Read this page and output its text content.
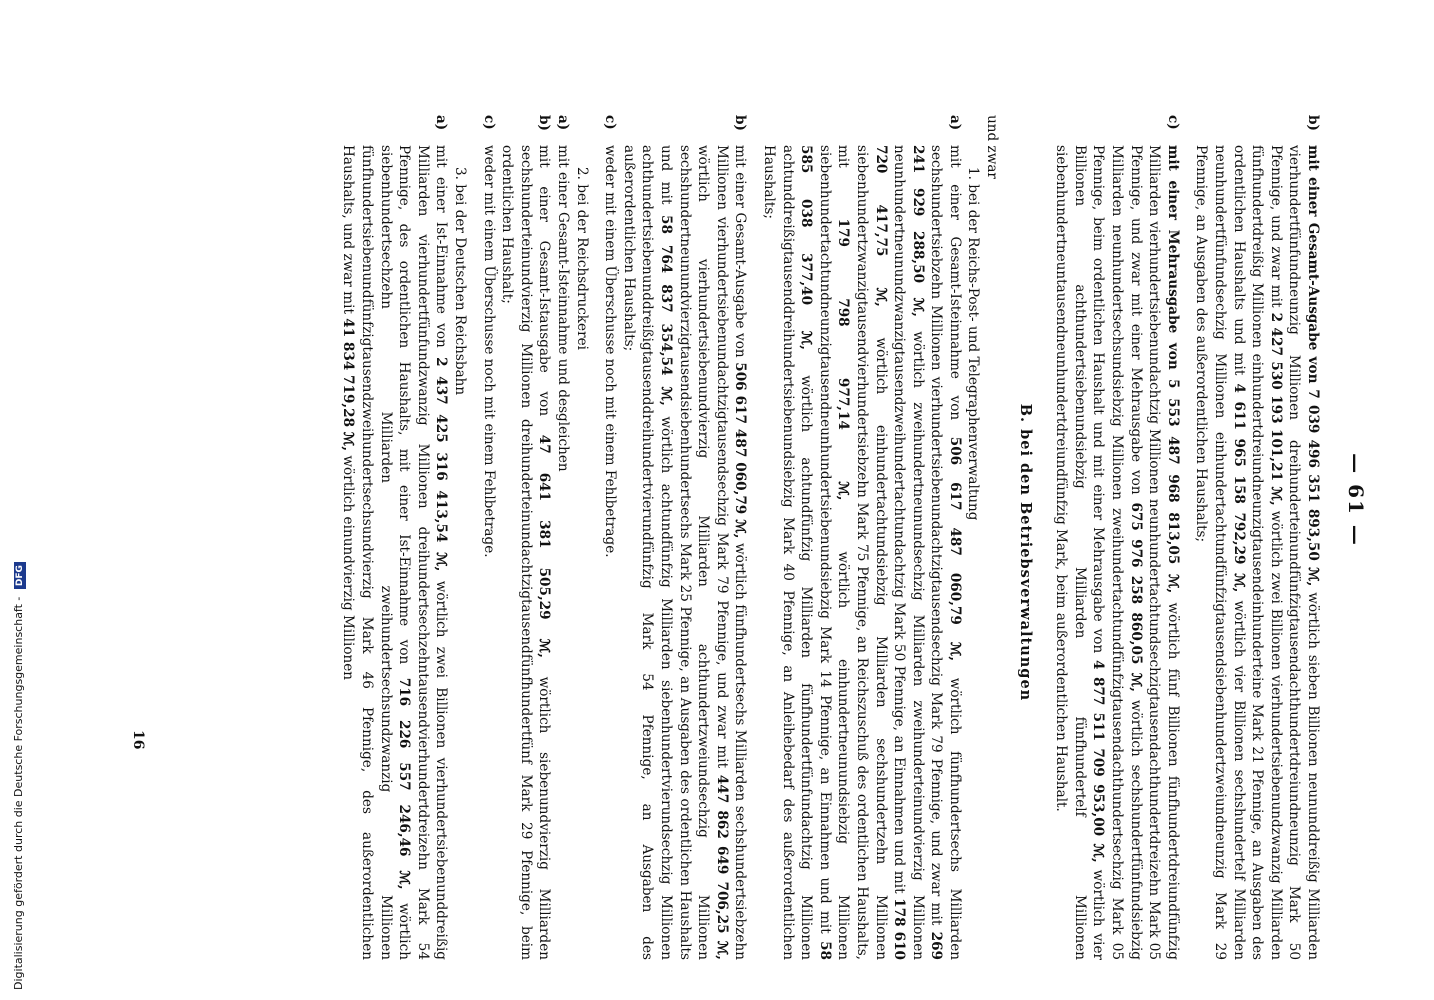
— 61 —

b)
mit einer Gesamt-Ausgabe von 7 039 496 351 893,50 ℳ, wörtlich sieben Billionen neununddreißig Milliarden vierhundertfünfundneunzig Millionen dreihunderteinundfünfzigtausendachthundertdreiundneunzig Mark 50 Pfennige, und zwar mit 2 427 530 193 101,21 ℳ, wörtlich zwei Billionen vierhundertsiebenundzwanzig Milliarden fünfhundertdreißig Millionen einhundertdreiundneunzigtausendeinhunderteine Mark 21 Pfennige, an Ausgaben des ordentlichen Haushalts und mit 4 611 965 158 792,29 ℳ, wörtlich vier Billionen sechshundertelf Milliarden neunhundertfünfundsechzig Millionen einhundertachtundfünfzigtausendsiebenhundertzweiundneunzig Mark 29 Pfennige, an Ausgaben des außerordentlichen Haushalts;

c)
mit einer Mehrausgabe von 5 553 487 968 813,05 ℳ, wörtlich fünf Billionen fünfhundertdreiundfünfzig Milliarden vierhundertsiebenundachtzig Millionen neunhundertachtundsechzigtausendachthundertdreizehn Mark 05 Pfennige, und zwar mit einer Mehrausgabe von 675 976 258 860,05 ℳ, wörtlich sechshundertfünfundsiebzig Milliarden neunhundertsechsundsiebzig Millionen zweihundertachtundfünfzigtausendachthundertsechzig Mark 05 Pfennige, beim ordentlichen Haushalt und mit einer Mehrausgabe von 4 877 511 709 953,00 ℳ, wörtlich vier Billionen achthundertsiebenundsiebzig Milliarden fünfhundertelf Millionen siebenhundertneuntausendneunhundertdreiundfünfzig Mark, beim außerordentlichen Haushalt.

B. bei den Betriebsverwaltungen

und zwar

1. bei der Reichs-Post- und Telegraphenverwaltung

a)
mit einer Gesamt-Isteinnahme von 506 617 487 060,79 ℳ, wörtlich fünfhundertsechs Milliarden sechshundertsiebzehn Millionen vierhundertsiebenundachtzigtausendsechzig Mark 79 Pfennige, und zwar mit 269 241 929 288,50 ℳ, wörtlich zweihundertneunundsechzig Milliarden zweihunderteinundvierzig Millionen neunhundertneunundzwanzigtausendzweihundertachtundachtzig Mark 50 Pfennige, an Einnahmen und mit 178 610 720 417,75 ℳ, wörtlich einhundertachtundsiebzig Milliarden sechshundertzehn Millionen siebenhundertzwanzigtausendvierhundertsiebzehn Mark 75 Pfennige, an Reichszuschuß des ordentlichen Haushalts, mit 179 798 977,14 ℳ, wörtlich einhundertneunundsiebzig Millionen siebenhundertachtundneunzigtausendneunhundertsiebenundsiebzig Mark 14 Pfennige, an Einnahmen und mit 58 585 038 377,40 ℳ, wörtlich achtundfünfzig Milliarden fünfhundertfünfundachtzig Millionen achtunddreißigtausenddreihundertsiebenundsiebzig Mark 40 Pfennige, an Anleihebedarf des außerordentlichen Haushalts;

b)
mit einer Gesamt-Ausgabe von 506 617 487 060,79 ℳ, wörtlich fünfhundertsechs Milliarden sechshundertsiebzehn Millionen vierhundertsiebenundachtzigtausendsechzig Mark 79 Pfennige, und zwar mit 447 862 649 706,25 ℳ, wörtlich vierhundertsiebenundvierzig Milliarden achthundertzweiundsechzig Millionen sechshundertneunundvierzigtausendsiebenhundertsechs Mark 25 Pfennige, an Ausgaben des ordentlichen Haushalts und mit 58 764 837 354,54 ℳ, wörtlich achtundfünfzig Milliarden siebenhundertvierundsechzig Millionen achthundertsiebenunddreißigtausenddreihundertvierundfünfzig Mark 54 Pfennige, an Ausgaben des außerordentlichen Haushalts;

c)
weder mit einem Überschusse noch mit einem Fehlbetrage.

2. bei der Reichsdruckerei

a)
mit einer Gesamt-Isteinnahme und desgleichen

b)
mit einer Gesamt-Istausgabe von 47 641 381 505,29 ℳ, wörtlich siebenundvierzig Milliarden sechshunderteinundvierzig Millionen dreihunderteinundachtzigtausendfünfhundertfünf Mark 29 Pfennige, beim ordentlichen Haushalt;

c)
weder mit einem Überschusse noch mit einem Fehlbetrage.

3. bei der Deutschen Reichsbahn

a)
mit einer Ist-Einnahme von 2 437 425 316 413,54 ℳ, wörtlich zwei Billionen vierhundertsiebenunddreißig Milliarden vierhundertfünfundzwanzig Millionen dreihundertsechzehntausendvierhundertdreizehn Mark 54 Pfennige, des ordentlichen Haushalts, mit einer Ist-Einnahme von 716 226 557 246,46 ℳ, wörtlich siebenhundertsechzehn Milliarden zweihundertsechsundzwanzig Millionen fünfhundertsiebenundfünfzigtausendzweihundertsechsundvierzig Mark 46 Pfennige, des außerordentlichen Haushalts, und zwar mit 41 834 719,28 ℳ, wörtlich einundvierzig Millionen

16
Digitalisierung gefördert durch die Deutsche Forschungsgemeinschaft - DFG
